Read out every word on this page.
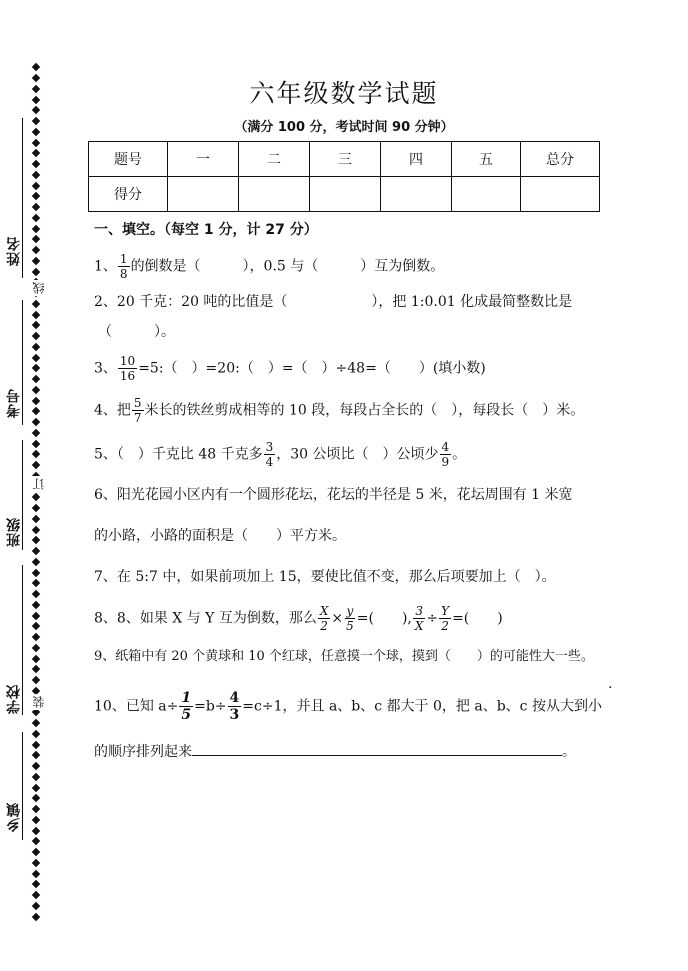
姓名
考号
班级
学校
乡镇
线
订
装
六年级数学试题
（满分 100 分，考试时间 90 分钟）
题号	一	二	三	四	五	总分
得分						
一、填空。（每空 1 分，计 27 分）
1、 $\frac{1}{8}$ 的倒数是（　　　），0.5 与（　　　）互为倒数。
2、20 千克：20 吨的比值是（　　　　　　），把 1:0.01 化成最简整数比是
（　　　）。
3、 $\frac{10}{16}$ =5:（　）=20:（　）=（　）÷48=（　　）(填小数)
4、把 $\frac{5}{7}$ 米长的铁丝剪成相等的 10 段，每段占全长的（　），每段长（　）米。
5、（　）千克比 48 千克多 $\frac{3}{4}$ ，30 公顷比（　）公顷少 $\frac{4}{9}$ 。
6、阳光花园小区内有一个圆形花坛，花坛的半径是 5 米，花坛周围有 1 米宽
的小路，小路的面积是（　　）平方米。
7、在 5:7 中，如果前项加上 15，要使比值不变，那么后项要加上（　）。
8、8、如果 X 与 Y 互为倒数，那么 $\frac{X}{2} \times \frac{y}{5}$ =(　　), $\frac{3}{X} \div \frac{Y}{2}$ =(　　)
9、纸箱中有 20 个黄球和 10 个红球，任意摸一个球，摸到（　　）的可能性大一些。
.
10、已知 $a\div \frac{1}{5} =b\div \frac{4}{3} =c\div 1$，并且 a、b、c 都大于 0，把 a、b、c 按从大到小
的顺序排列起来	。
